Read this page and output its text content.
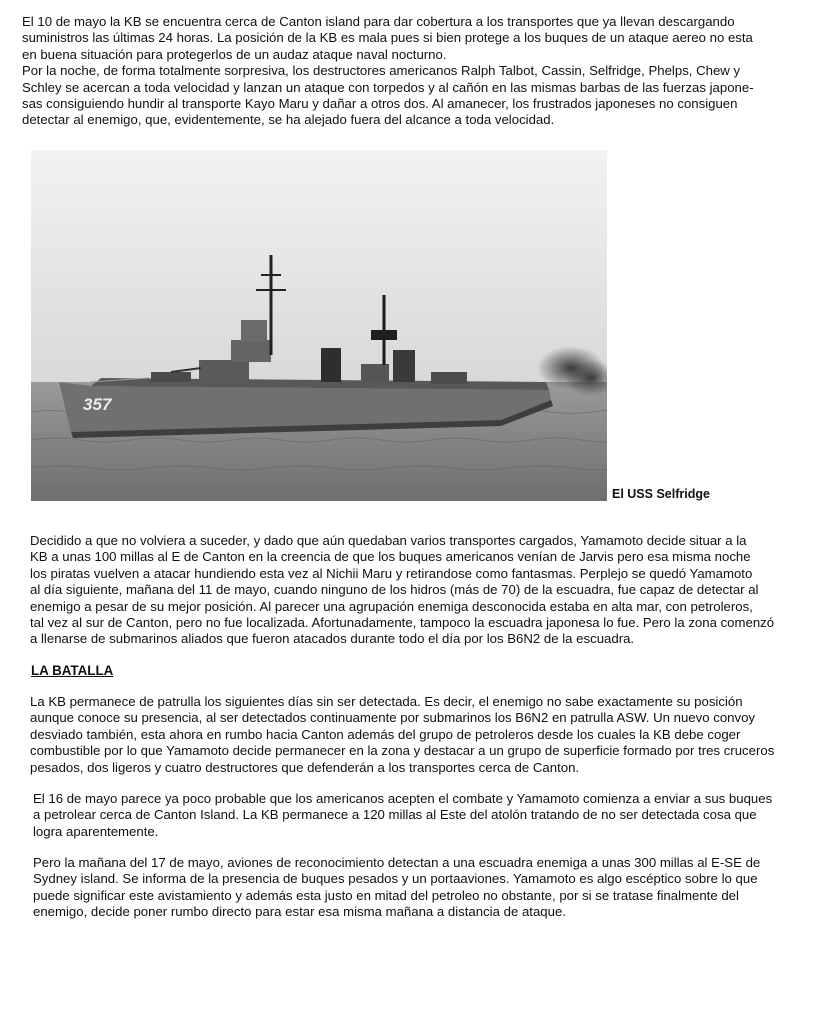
El 10 de mayo la KB se encuentra cerca de Canton island para dar cobertura a los transportes que ya llevan descargando
suministros las últimas 24 horas. La posición de la KB es mala pues si bien protege a los buques de un ataque aereo no esta
en buena situación para protegerlos de un audaz ataque naval nocturno.
Por la noche, de forma totalmente sorpresiva, los destructores americanos Ralph Talbot, Cassin, Selfridge, Phelps, Chew y
Schley se acercan a toda velocidad y lanzan un ataque con torpedos y al cañón en las mismas barbas de las fuerzas japone-
sas consiguiendo hundir al transporte Kayo Maru y dañar a otros dos. Al amanecer, los frustrados japoneses no consiguen
detectar al enemigo, que, evidentemente, se ha alejado fuera del alcance a toda velocidad.

357

El USS Selfridge

Decidido a que no volviera a suceder, y dado que aún quedaban varios transportes cargados, Yamamoto decide situar a la
KB a unas 100 millas al E de Canton en la creencia de que los buques americanos venían de Jarvis pero esa misma noche
los piratas vuelven a atacar hundiendo esta vez al Nichii Maru y retirandose como fantasmas. Perplejo se quedó Yamamoto
al día siguiente, mañana del 11 de mayo, cuando ninguno de los hidros (más de 70) de la escuadra, fue capaz de detectar al
enemigo a pesar de su mejor posición. Al parecer una agrupación enemiga desconocida estaba en alta mar, con petroleros,
tal vez al sur de Canton, pero no fue localizada. Afortunadamente, tampoco la escuadra japonesa lo fue. Pero la zona comenzó
a llenarse de submarinos aliados que fueron atacados durante todo el día por los B6N2 de la escuadra.

LA BATALLA

La KB permanece de patrulla los siguientes días sin ser detectada. Es decir, el enemigo no sabe exactamente su posición
aunque conoce su presencia, al ser detectados continuamente por submarinos los B6N2 en patrulla ASW. Un nuevo convoy
desviado también, esta ahora en rumbo hacia Canton además del grupo de petroleros desde los cuales la KB debe coger
combustible por lo que Yamamoto decide permanecer en la zona y destacar a un grupo de superficie formado por tres cruceros
pesados, dos ligeros y cuatro destructores que defenderán a los transportes cerca de Canton.

El 16 de mayo parece ya poco probable que los americanos acepten el combate y Yamamoto comienza a enviar a sus buques
a petrolear cerca de Canton Island. La KB permanece a 120 millas al Este del atolón tratando de no ser detectada cosa que
logra aparentemente.

Pero la mañana del 17 de mayo, aviones de reconocimiento detectan a una escuadra enemiga a unas 300 millas al E-SE de
Sydney island. Se informa de la presencia de buques pesados y un portaaviones. Yamamoto es algo escéptico sobre lo que
puede significar este avistamiento y además esta justo en mitad del petroleo no obstante, por si se tratase finalmente del
enemigo, decide poner rumbo directo para estar esa misma mañana a distancia de ataque.
